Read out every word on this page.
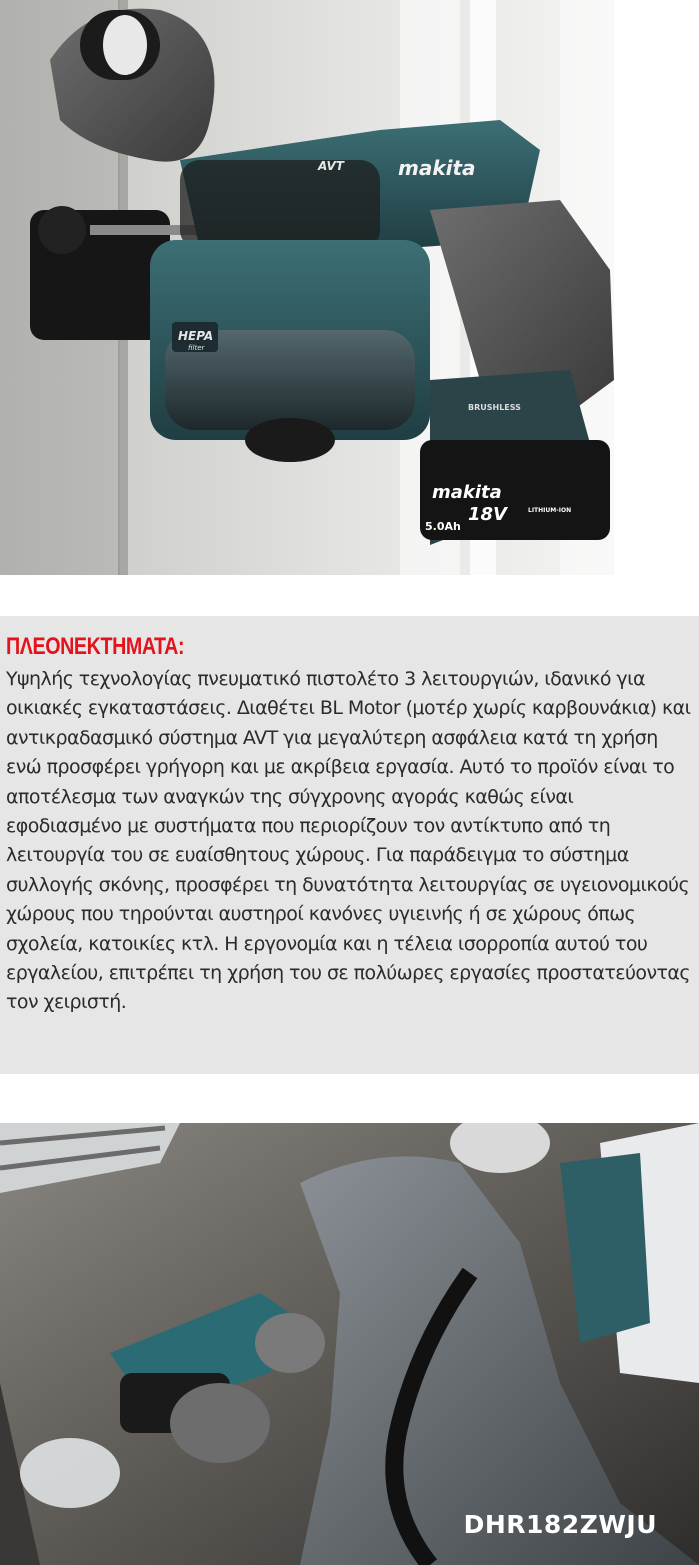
makita
AVT
HEPA
filter
BRUSHLESS
makita
5.0Ah
18V	LITHIUM-ION
ΠΛΕΟΝΕΚΤΗΜΑΤΑ:

Υψηλής τεχνολογίας πνευματικό πιστολέτο 3 λειτουργιών, ιδανικό για οικιακές εγκαταστάσεις. Διαθέτει BL Motor (μοτέρ χωρίς καρβουνάκια) και αντικραδασμικό σύστημα AVT για μεγαλύτερη ασφάλεια κατά τη χρήση ενώ προσφέρει γρήγορη και με ακρίβεια εργασία. Αυτό το προϊόν είναι το αποτέλεσμα των αναγκών της σύγχρονης αγοράς καθώς είναι εφοδιασμένο με συστήματα που περιορίζουν τον αντίκτυπο από τη λειτουργία του σε ευαίσθητους χώρους. Για παράδειγμα το σύστημα συλλογής σκόνης, προσφέρει τη δυνατότητα λειτουργίας σε υγειονομικούς χώρους που τηρούνται αυστηροί κανόνες υγιεινής ή σε χώρους όπως σχολεία, κατοικίες κτλ. Η εργονομία και η τέλεια ισορροπία αυτού του εργαλείου, επιτρέπει τη χρήση του σε πολύωρες εργασίες προστατεύοντας τον χειριστή.

DHR182ZWJU
